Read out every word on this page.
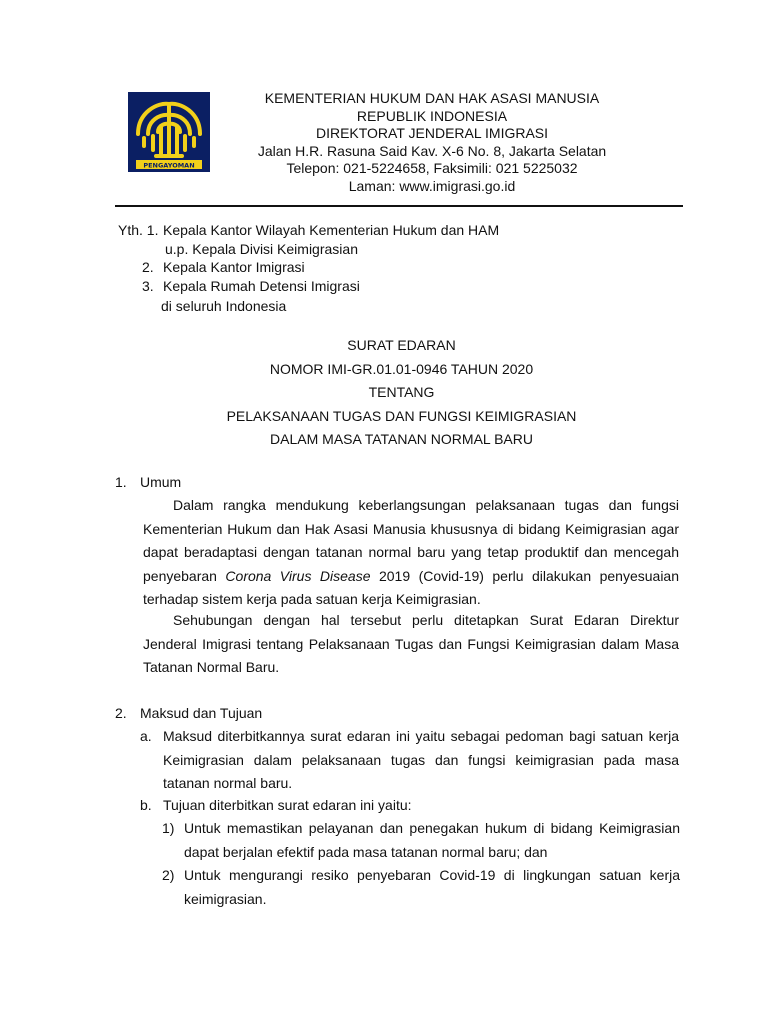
PENGAYOMAN
KEMENTERIAN HUKUM DAN HAK ASASI MANUSIA
REPUBLIK INDONESIA
DIREKTORAT JENDERAL IMIGRASI
Jalan H.R. Rasuna Said Kav. X-6 No. 8, Jakarta Selatan
Telepon: 021-5224658, Faksimili: 021 5225032
Laman: www.imigrasi.go.id
Yth. 1. Kepala Kantor Wilayah Kementerian Hukum dan HAM
u.p. Kepala Divisi Keimigrasian
2. Kepala Kantor Imigrasi
3. Kepala Rumah Detensi Imigrasi
di seluruh Indonesia
SURAT EDARAN
NOMOR IMI-GR.01.01-0946 TAHUN 2020
TENTANG
PELAKSANAAN TUGAS DAN FUNGSI KEIMIGRASIAN
DALAM MASA TATANAN NORMAL BARU
1. Umum
Dalam rangka mendukung keberlangsungan pelaksanaan tugas dan fungsi Kementerian Hukum dan Hak Asasi Manusia khususnya di bidang Keimigrasian agar dapat beradaptasi dengan tatanan normal baru yang tetap produktif dan mencegah penyebaran Corona Virus Disease 2019 (Covid-19) perlu dilakukan penyesuaian terhadap sistem kerja pada satuan kerja Keimigrasian.
Sehubungan dengan hal tersebut perlu ditetapkan Surat Edaran Direktur Jenderal Imigrasi tentang Pelaksanaan Tugas dan Fungsi Keimigrasian dalam Masa Tatanan Normal Baru.
2. Maksud dan Tujuan
a. Maksud diterbitkannya surat edaran ini yaitu sebagai pedoman bagi satuan kerja Keimigrasian dalam pelaksanaan tugas dan fungsi keimigrasian pada masa tatanan normal baru.
b. Tujuan diterbitkan surat edaran ini yaitu:
1) Untuk memastikan pelayanan dan penegakan hukum di bidang Keimigrasian dapat berjalan efektif pada masa tatanan normal baru; dan
2) Untuk mengurangi resiko penyebaran Covid-19 di lingkungan satuan kerja keimigrasian.
